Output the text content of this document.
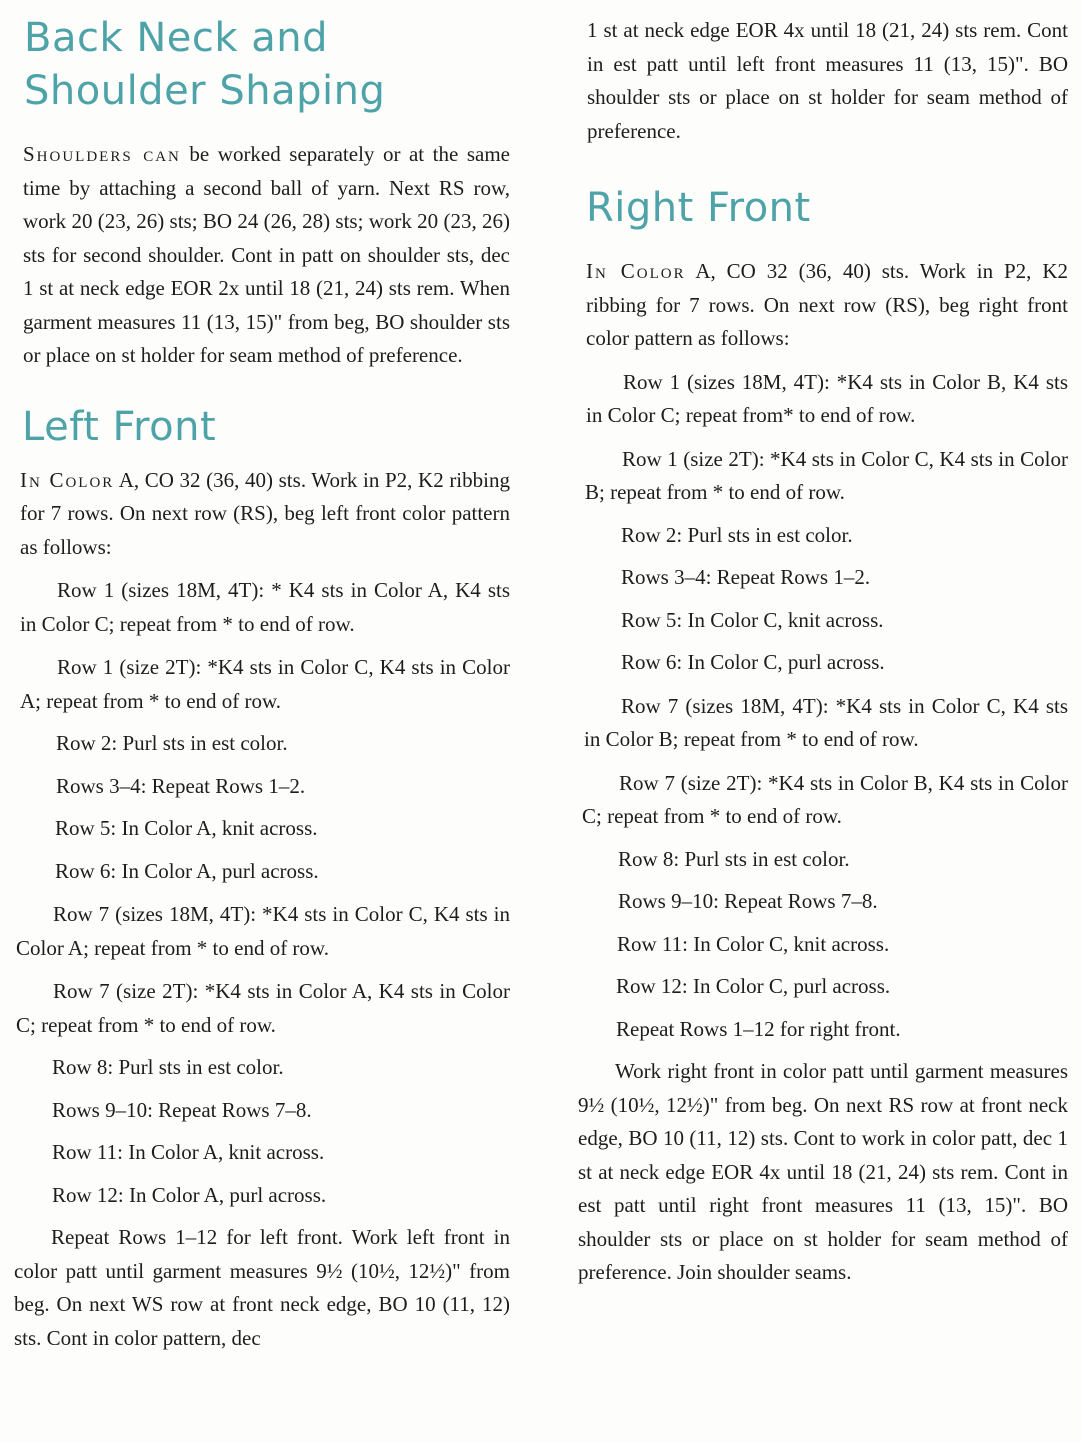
Back Neck and
Shoulder Shaping

Shoulders can be worked separately or at the same time by attaching a second ball of yarn. Next RS row, work 20 (23, 26) sts; BO 24 (26, 28) sts; work 20 (23, 26) sts for second shoulder. Cont in patt on shoulder sts, dec 1 st at neck edge EOR 2x until 18 (21, 24) sts rem. When garment measures 11 (13, 15)" from beg, BO shoulder sts or place on st holder for seam method of preference.

Left Front

In Color A, CO 32 (36, 40) sts. Work in P2, K2 ribbing for 7 rows. On next row (RS), beg left front color pattern as follows:

Row 1 (sizes 18M, 4T): * K4 sts in Color A, K4 sts in Color C; repeat from * to end of row.

Row 1 (size 2T): *K4 sts in Color C, K4 sts in Color A; repeat from * to end of row.

Row 2: Purl sts in est color.

Rows 3–4: Repeat Rows 1–2.

Row 5: In Color A, knit across.

Row 6: In Color A, purl across.

Row 7 (sizes 18M, 4T): *K4 sts in Color C, K4 sts in Color A; repeat from * to end of row.

Row 7 (size 2T): *K4 sts in Color A, K4 sts in Color C; repeat from * to end of row.

Row 8: Purl sts in est color.

Rows 9–10: Repeat Rows 7–8.

Row 11: In Color A, knit across.

Row 12: In Color A, purl across.

Repeat Rows 1–12 for left front. Work left front in color patt until garment measures 9½ (10½, 12½)" from beg. On next WS row at front neck edge, BO 10 (11, 12) sts. Cont in color pattern, dec

1 st at neck edge EOR 4x until 18 (21, 24) sts rem. Cont in est patt until left front measures 11 (13, 15)". BO shoulder sts or place on st holder for seam method of preference.

Right Front

In Color A, CO 32 (36, 40) sts. Work in P2, K2 ribbing for 7 rows. On next row (RS), beg right front color pattern as follows:

Row 1 (sizes 18M, 4T): *K4 sts in Color B, K4 sts in Color C; repeat from* to end of row.

Row 1 (size 2T): *K4 sts in Color C, K4 sts in Color B; repeat from * to end of row.

Row 2: Purl sts in est color.

Rows 3–4: Repeat Rows 1–2.

Row 5: In Color C, knit across.

Row 6: In Color C, purl across.

Row 7 (sizes 18M, 4T): *K4 sts in Color C, K4 sts in Color B; repeat from * to end of row.

Row 7 (size 2T): *K4 sts in Color B, K4 sts in Color C; repeat from * to end of row.

Row 8: Purl sts in est color.

Rows 9–10: Repeat Rows 7–8.

Row 11: In Color C, knit across.

Row 12: In Color C, purl across.

Repeat Rows 1–12 for right front.

Work right front in color patt until garment measures 9½ (10½, 12½)" from beg. On next RS row at front neck edge, BO 10 (11, 12) sts. Cont to work in color patt, dec 1 st at neck edge EOR 4x until 18 (21, 24) sts rem. Cont in est patt until right front measures 11 (13, 15)". BO shoulder sts or place on st holder for seam method of preference. Join shoulder seams.
